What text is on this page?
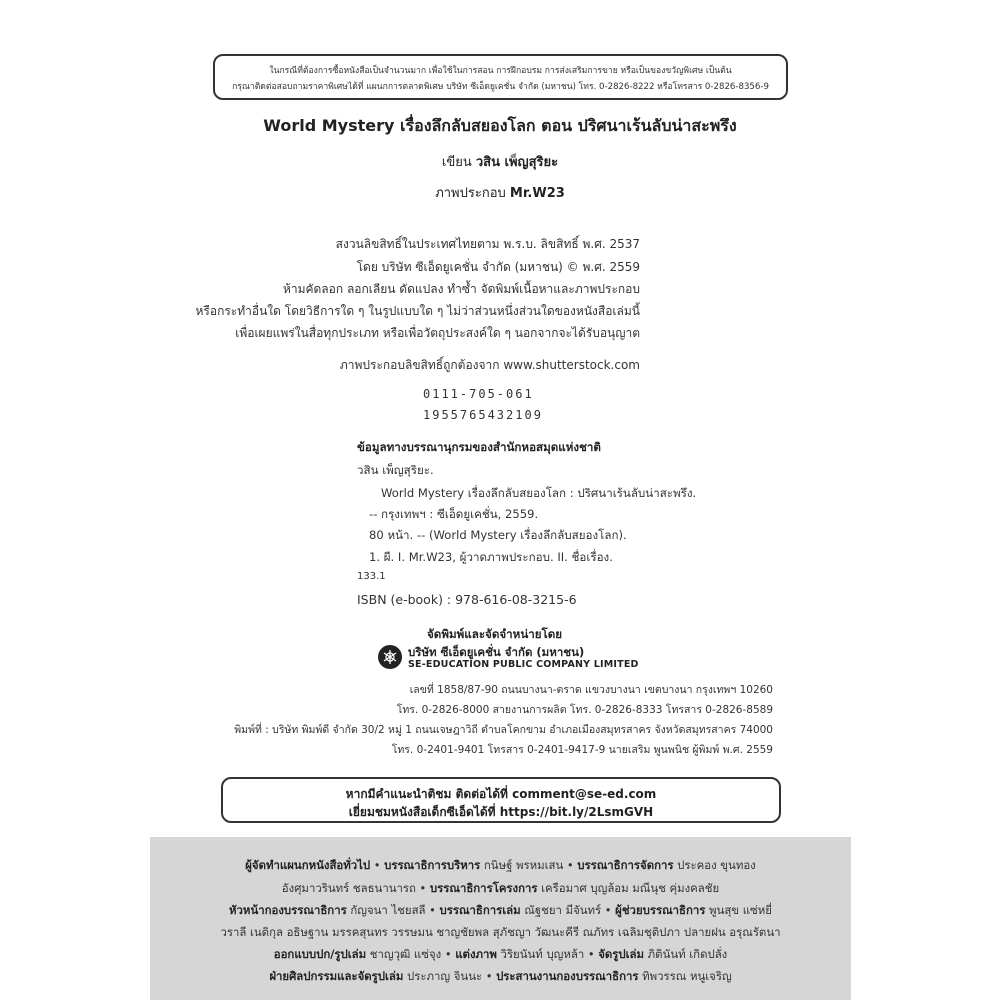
ในกรณีที่ต้องการซื้อหนังสือเป็นจำนวนมาก เพื่อใช้ในการสอน การฝึกอบรม การส่งเสริมการขาย หรือเป็นของขวัญพิเศษ เป็นต้น
กรุณาติดต่อสอบถามราคาพิเศษได้ที่ แผนกการตลาดพิเศษ บริษัท ซีเอ็ดยูเคชั่น จำกัด (มหาชน) โทร. 0-2826-8222 หรือโทรสาร 0-2826-8356-9
World Mystery เรื่องลึกลับสยองโลก ตอน ปริศนาเร้นลับน่าสะพรึง
เขียน วสิน เพ็ญสุริยะ
ภาพประกอบ Mr.W23
สงวนลิขสิทธิ์ในประเทศไทยตาม พ.ร.บ. ลิขสิทธิ์ พ.ศ. 2537
โดย บริษัท ซีเอ็ดยูเคชั่น จำกัด (มหาชน) © พ.ศ. 2559
ห้ามคัดลอก ลอกเลียน ดัดแปลง ทำซ้ำ จัดพิมพ์เนื้อหาและภาพประกอบ
หรือกระทำอื่นใด โดยวิธีการใด ๆ ในรูปแบบใด ๆ ไม่ว่าส่วนหนึ่งส่วนใดของหนังสือเล่มนี้
เพื่อเผยแพร่ในสื่อทุกประเภท หรือเพื่อวัตถุประสงค์ใด ๆ นอกจากจะได้รับอนุญาต
ภาพประกอบลิขสิทธิ์ถูกต้องจาก www.shutterstock.com
0111-705-061
1955765432109
ข้อมูลทางบรรณานุกรมของสำนักหอสมุดแห่งชาติ
วสิน เพ็ญสุริยะ.
World Mystery เรื่องลึกลับสยองโลก : ปริศนาเร้นลับน่าสะพรึง.
-- กรุงเทพฯ : ซีเอ็ดยูเคชั่น, 2559.
80 หน้า. -- (World Mystery เรื่องลึกลับสยองโลก).
1. ผี. I. Mr.W23, ผู้วาดภาพประกอบ. II. ชื่อเรื่อง.
133.1
ISBN (e-book) : 978-616-08-3215-6
จัดพิมพ์และจัดจำหน่ายโดย
บริษัท ซีเอ็ดยูเคชั่น จำกัด (มหาชน)
SE-EDUCATION PUBLIC COMPANY LIMITED
เลขที่ 1858/87-90 ถนนบางนา-ตราด แขวงบางนา เขตบางนา กรุงเทพฯ 10260
โทร. 0-2826-8000 สายงานการผลิต โทร. 0-2826-8333 โทรสาร 0-2826-8589
พิมพ์ที่ : บริษัท พิมพ์ดี จำกัด 30/2 หมู่ 1 ถนนเจษฎาวิถี ตำบลโคกขาม อำเภอเมืองสมุทรสาคร จังหวัดสมุทรสาคร 74000
โทร. 0-2401-9401 โทรสาร 0-2401-9417-9 นายเสริม พูนพนิช ผู้พิมพ์ พ.ศ. 2559
หากมีคำแนะนำติชม ติดต่อได้ที่ comment@se-ed.com
เยี่ยมชมหนังสือเด็กซีเอ็ดได้ที่ https://bit.ly/2LsmGVH
ผู้จัดทำแผนกหนังสือทั่วไป • บรรณาธิการบริหาร กนิษฐ์ พรหมเสน • บรรณาธิการจัดการ ประคอง ขุนทอง
อังศุมาวรินทร์ ชลธนานารถ • บรรณาธิการโครงการ เครือมาศ บุญล้อม มณีนุช คุ่มงคลชัย
หัวหน้ากองบรรณาธิการ กัญจนา ไชยสลี • บรรณาธิการเล่ม ณัฐชยา มีจันทร์ • ผู้ช่วยบรรณาธิการ พูนสุข แซ่หยี่
วราลี เนติกุล อธิษฐาน มรรคสุนทร วรรษมน ชาญชัยพล สุภัชญา วัฒนะคีรี ณภัทร เฉลิมชุติปภา ปลายฝน อรุณรัตนา
ออกแบบปก/รูปเล่ม ชาญวุฒิ แซ่จุง • แต่งภาพ วิริยนันท์ บุญหล้า • จัดรูปเล่ม ภิตินันท์ เกิดปลั่ง
ฝ่ายศิลปกรรมและจัดรูปเล่ม ประภาญ จินนะ • ประสานงานกองบรรณาธิการ ทิพวรรณ หนูเจริญ
